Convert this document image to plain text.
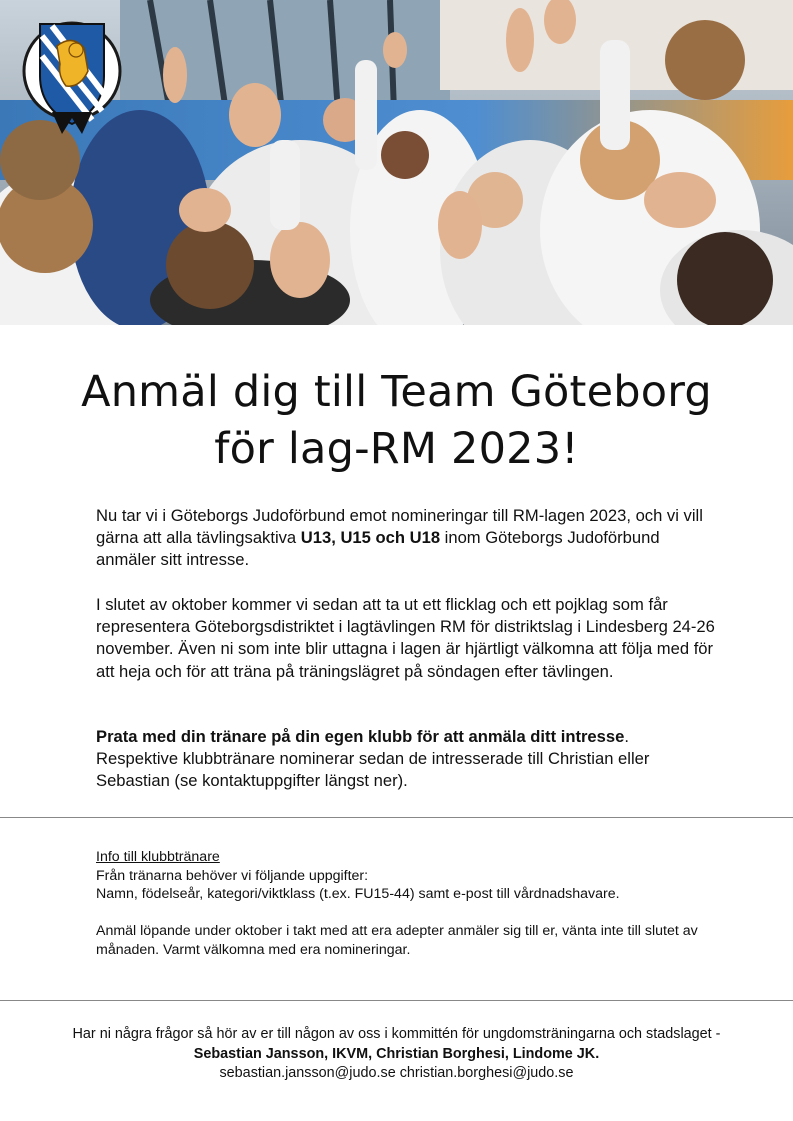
Anmäl dig till Team Göteborg
för lag-RM 2023!
Nu tar vi i Göteborgs Judoförbund emot nomineringar till RM-lagen 2023, och vi vill gärna att alla tävlingsaktiva U13, U15 och U18 inom Göteborgs Judoförbund anmäler sitt intresse.
I slutet av oktober kommer vi sedan att ta ut ett flicklag och ett pojklag som får representera Göteborgsdistriktet i lagtävlingen RM för distriktslag i Lindesberg 24-26 november. Även ni som inte blir uttagna i lagen är hjärtligt välkomna att följa med för att heja och för att träna på träningslägret på söndagen efter tävlingen.
Prata med din tränare på din egen klubb för att anmäla ditt intresse.
Respektive klubbtränare nominerar sedan de intresserade till Christian eller Sebastian (se kontaktuppgifter längst ner).
Info till klubbtränare
Från tränarna behöver vi följande uppgifter:
Namn, födelseår, kategori/viktklass (t.ex. FU15-44) samt e-post till vårdnadshavare.
Anmäl löpande under oktober i takt med att era adepter anmäler sig till er, vänta inte till slutet av månaden. Varmt välkomna med era nomineringar.
Har ni några frågor så hör av er till någon av oss i kommittén för ungdomsträningarna och stadslaget -
Sebastian Jansson, IKVM, Christian Borghesi, Lindome JK.
sebastian.jansson@judo.se christian.borghesi@judo.se
